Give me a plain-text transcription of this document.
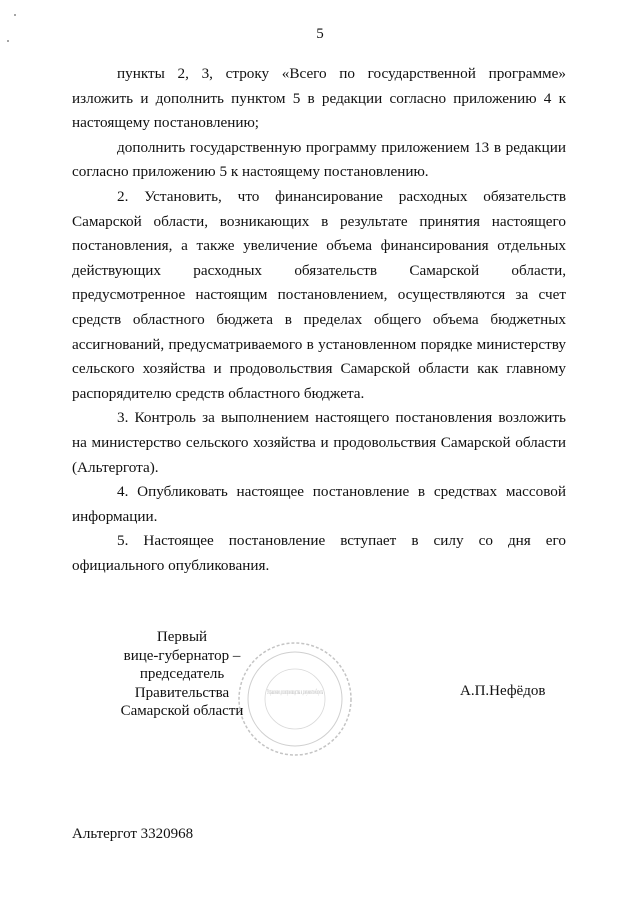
5

пункты 2, 3, строку «Всего по государственной программе» изложить и дополнить пунктом 5 в редакции согласно приложению 4 к настоящему постановлению;

дополнить государственную программу приложением 13 в редакции согласно приложению 5 к настоящему постановлению.

2. Установить, что финансирование расходных обязательств Самарской области, возникающих в результате принятия настоящего постановления, а также увеличение объема финансирования отдельных действующих расходных обязательств Самарской области, предусмотренное настоящим постановлением, осуществляются за счет средств областного бюджета в пределах общего объема бюджетных ассигнований, предусматриваемого в установленном порядке министерству сельского хозяйства и продовольствия Самарской области как главному распорядителю средств областного бюджета.

3. Контроль за выполнением настоящего постановления возложить на министерство сельского хозяйства и продовольствия Самарской области (Альтергота).

4. Опубликовать настоящее постановление в средствах массовой информации.

5. Настоящее постановление вступает в силу со дня его официального опубликования.

Управление делопроизводства и документооборота
Первый
вице-губернатор –
председатель Правительства
Самарской области
А.П.Нефёдов
Альтергот 3320968
